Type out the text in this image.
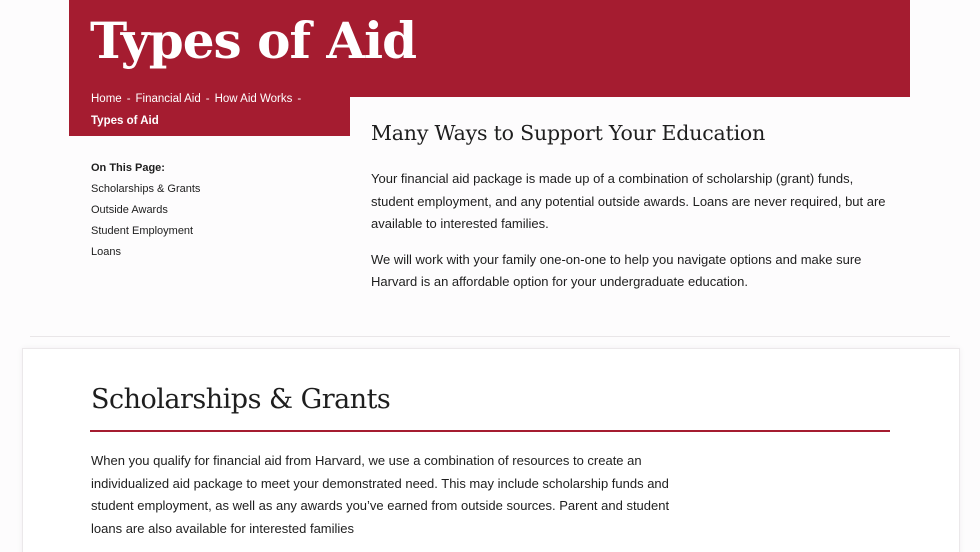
Types of Aid
Home - Financial Aid - How Aid Works -
Types of Aid
On This Page:
Scholarships & Grants
Outside Awards
Student Employment
Loans
Many Ways to Support Your Education

Your financial aid package is made up of a combination of scholarship (grant) funds, student employment, and any potential outside awards. Loans are never required, but are available to interested families.

We will work with your family one-on-one to help you navigate options and make sure Harvard is an affordable option for your undergraduate education.

Scholarships & Grants

When you qualify for financial aid from Harvard, we use a combination of resources to create an individualized aid package to meet your demonstrated need. This may include scholarship funds and student employment, as well as any awards you’ve earned from outside sources. Parent and student loans are also available for interested families
